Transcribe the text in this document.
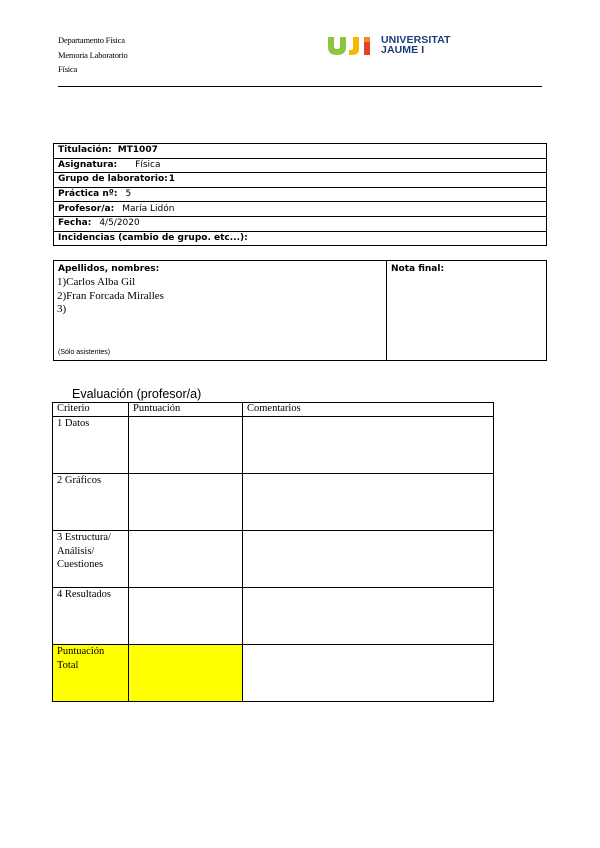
Departamento Física
Memoria Laboratorio
Física
UNIVERSITAT
JAUME I
Titulación: MT1007
Asignatura: Física
Grupo de laboratorio:1
Práctica nº: 5
Profesor/a: María Lidón
Fecha: 4/5/2020
Incidencias (cambio de grupo. etc...):
Apellidos, nombres:
1)Carlos Alba Gil
2)Fran Forcada Miralles
3)
(Sólo asistentes)
Nota final:
Evaluación (profesor/a)
Criterio	Puntuación	Comentarios
1 Datos		
2 Gráficos		
3 Estructura/ Análisis/ Cuestiones		
4 Resultados		
Puntuación Total		
